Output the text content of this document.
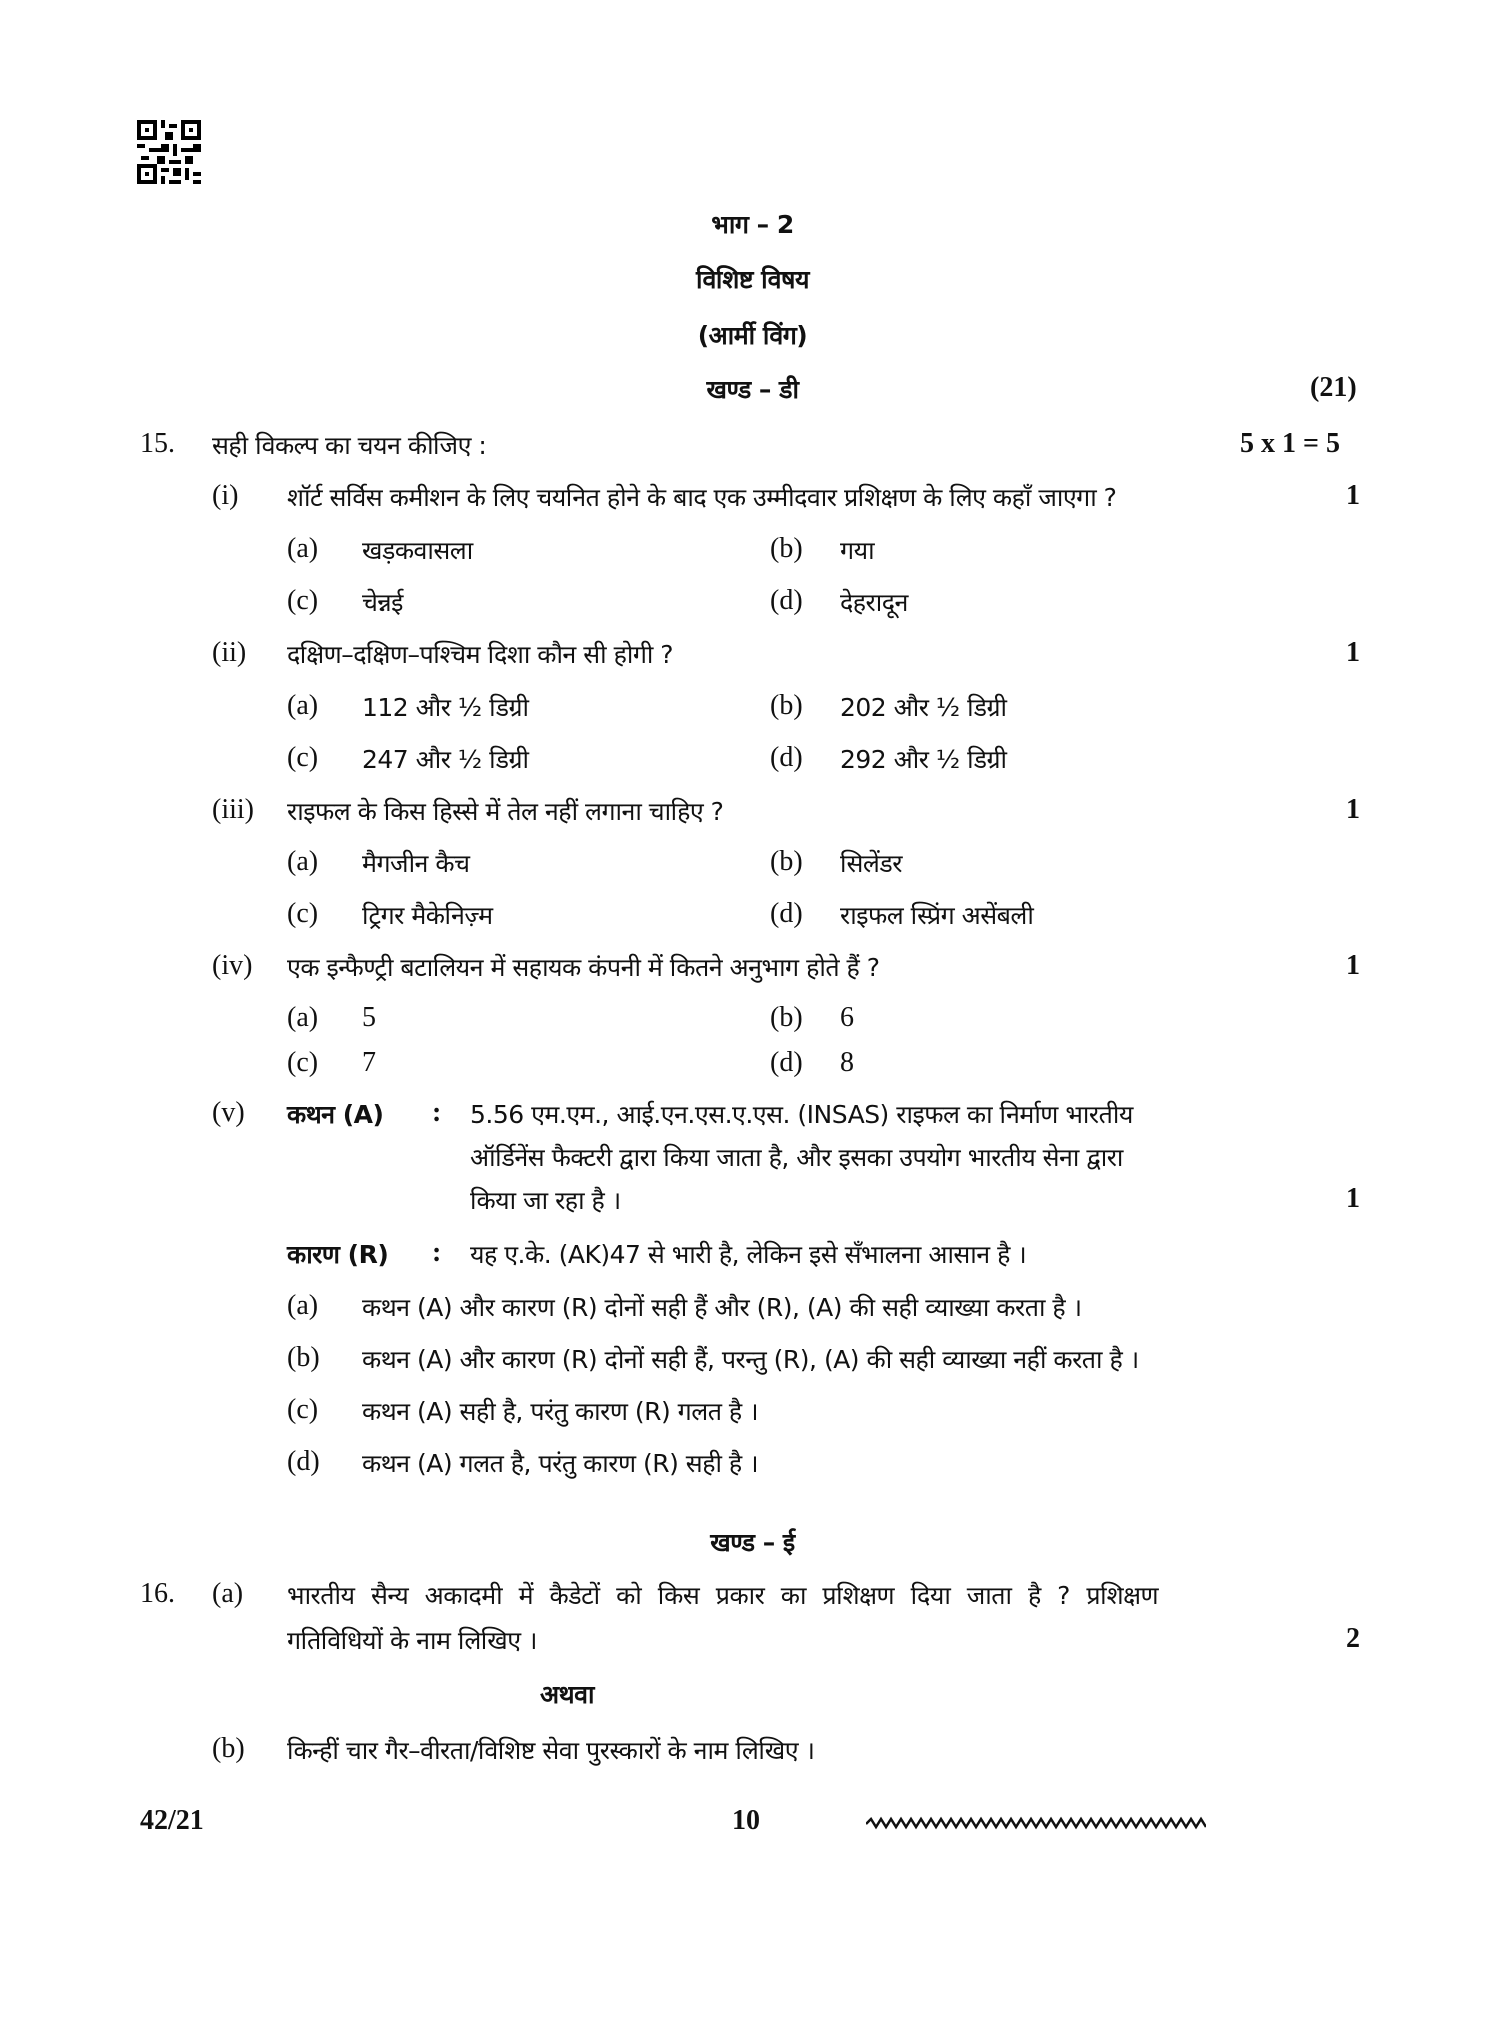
भाग – 2
विशिष्ट विषय
(आर्मी विंग)
खण्ड – डी	(21)
15. सही विकल्प का चयन कीजिए :	5 x 1 = 5
(i) शॉर्ट सर्विस कमीशन के लिए चयनित होने के बाद एक उम्मीदवार प्रशिक्षण के लिए कहाँ जाएगा ?	1
(a) खड़कवासला	(b) गया
(c) चेन्नई	(d) देहरादून
(ii) दक्षिण–दक्षिण–पश्चिम दिशा कौन सी होगी ?	1
(a) 112 और ½ डिग्री	(b) 202 और ½ डिग्री
(c) 247 और ½ डिग्री	(d) 292 और ½ डिग्री
(iii) राइफल के किस हिस्से में तेल नहीं लगाना चाहिए ?	1
(a) मैगजीन कैच	(b) सिलेंडर
(c) ट्रिगर मैकेनिज़्म	(d) राइफल स्प्रिंग असेंबली
(iv) एक इन्फैण्ट्री बटालियन में सहायक कंपनी में कितने अनुभाग होते हैं ?	1
(a) 5	(b) 6
(c) 7	(d) 8
(v) कथन (A) : 5.56 एम.एम., आई.एन.एस.ए.एस. (INSAS) राइफल का निर्माण भारतीय
ऑर्डिनेंस फैक्टरी द्वारा किया जाता है, और इसका उपयोग भारतीय सेना द्वारा
किया जा रहा है ।	1
कारण (R) : यह ए.के. (AK)47 से भारी है, लेकिन इसे सँभालना आसान है ।
(a) कथन (A) और कारण (R) दोनों सही हैं और (R), (A) की सही व्याख्या करता है ।
(b) कथन (A) और कारण (R) दोनों सही हैं, परन्तु (R), (A) की सही व्याख्या नहीं करता है ।
(c) कथन (A) सही है, परंतु कारण (R) गलत है ।
(d) कथन (A) गलत है, परंतु कारण (R) सही है ।
खण्ड – ई
16. (a) भारतीय सैन्य अकादमी में कैडेटों को किस प्रकार का प्रशिक्षण दिया जाता है ? प्रशिक्षण
गतिविधियों के नाम लिखिए ।	2
अथवा
(b) किन्हीं चार गैर–वीरता/विशिष्ट सेवा पुरस्कारों के नाम लिखिए ।
42/21	10
